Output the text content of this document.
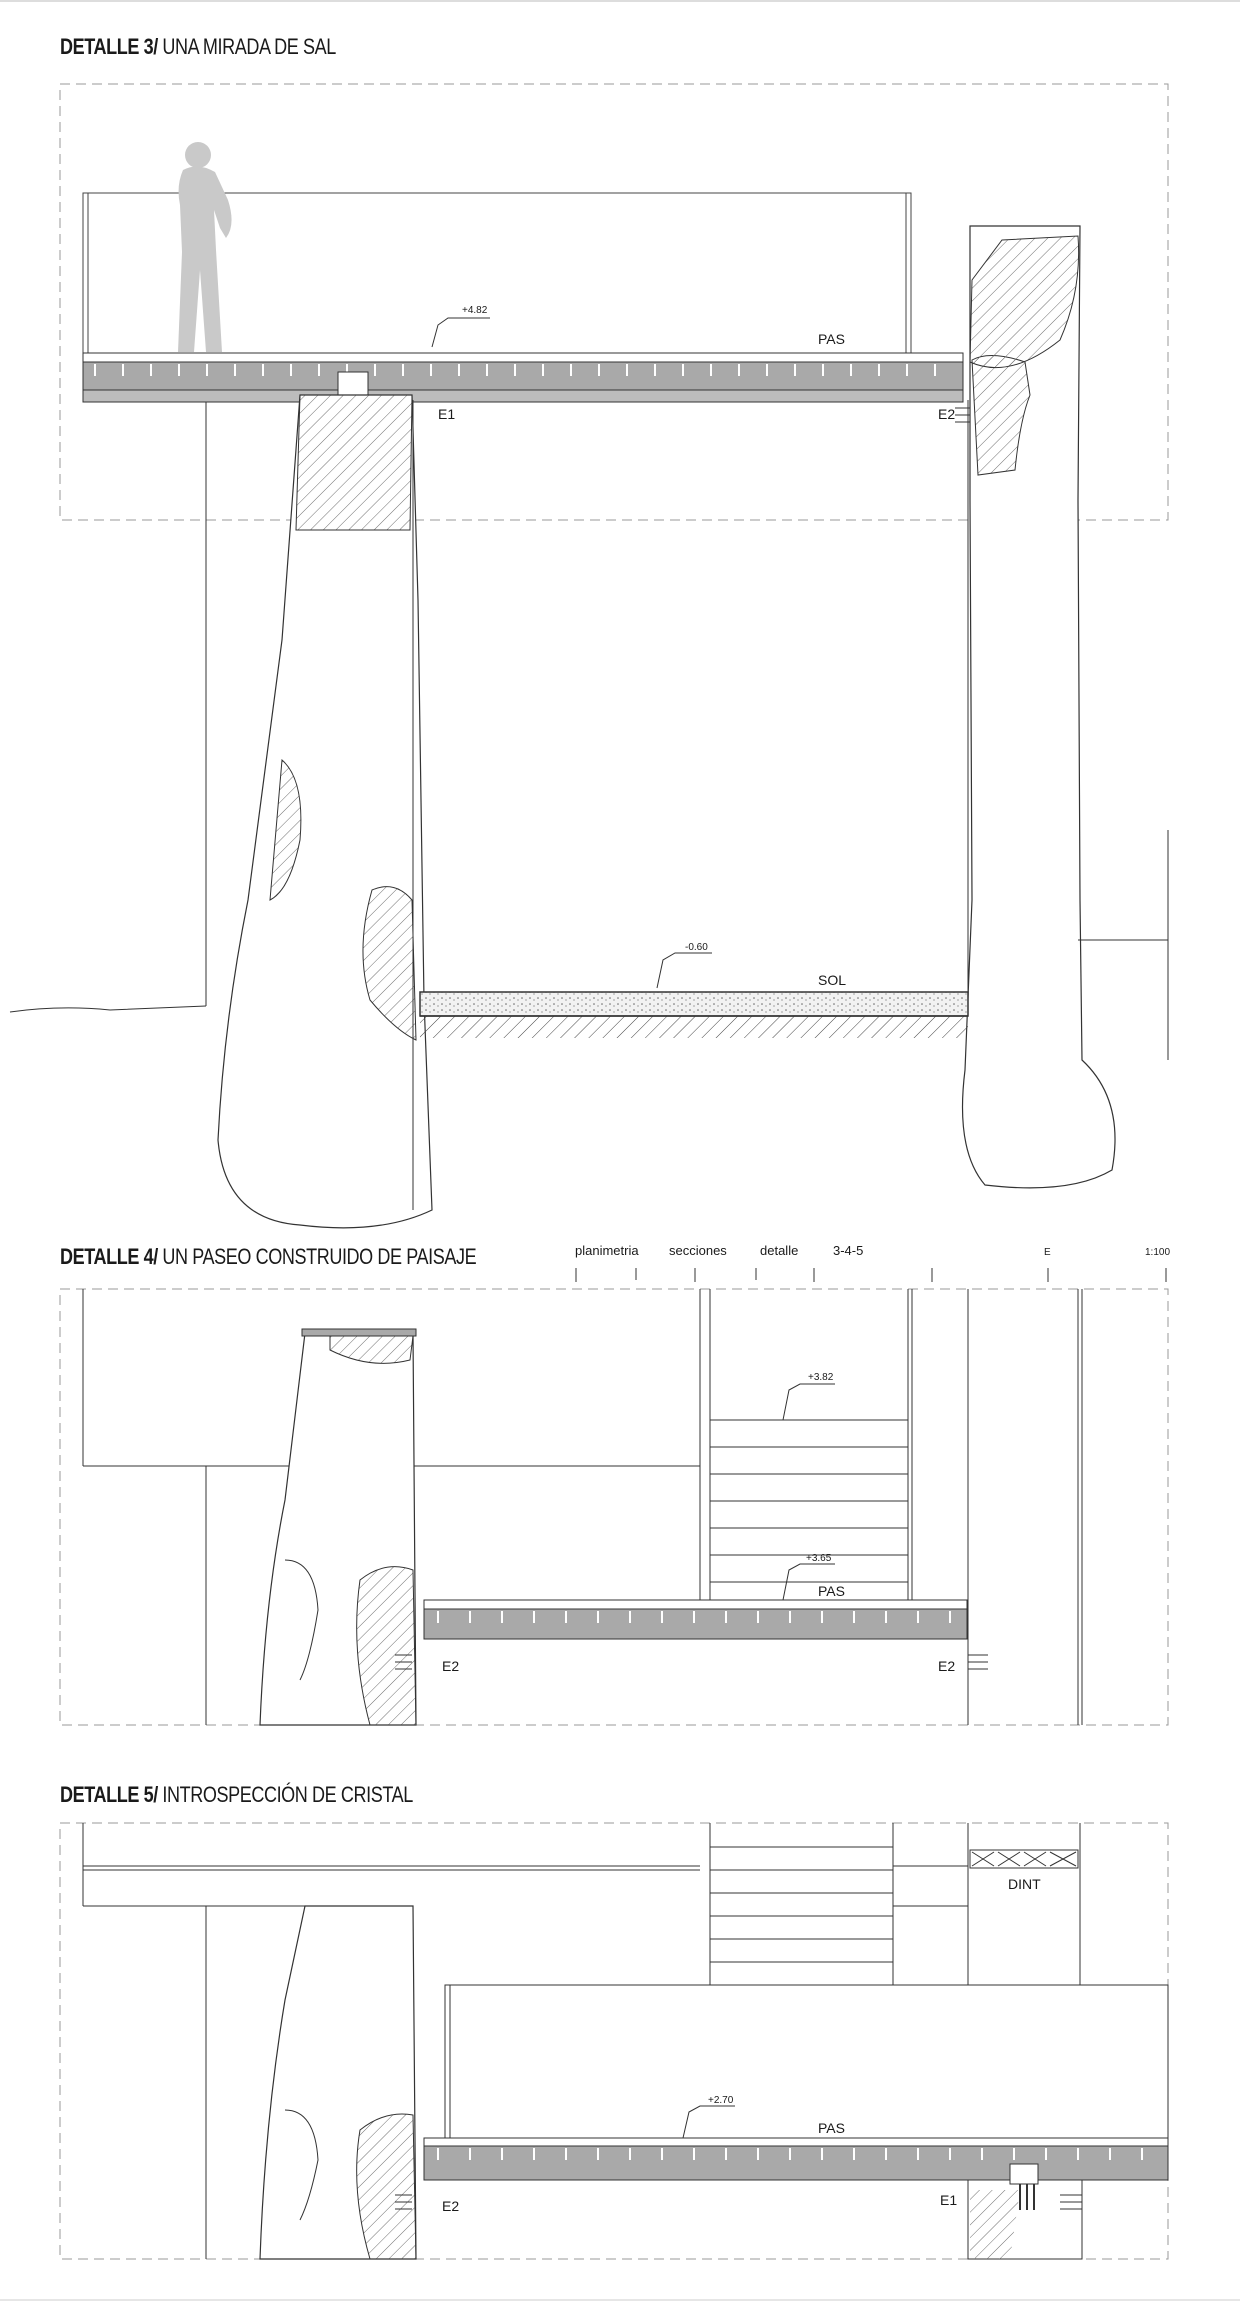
DETALLE 3/ UNA MIRADA DE SAL
DETALLE 4/ UN PASEO CONSTRUIDO DE PAISAJE
DETALLE 5/ INTROSPECCIÓN DE CRISTAL
+4.82
-0.60
PAS
SOL
E1	E2
planimetria secciones	detalle	3-4-5	E	1:100
+3.82
+3.65
PAS
E2	E2
DINT
+2.70
PAS
E2	E1
